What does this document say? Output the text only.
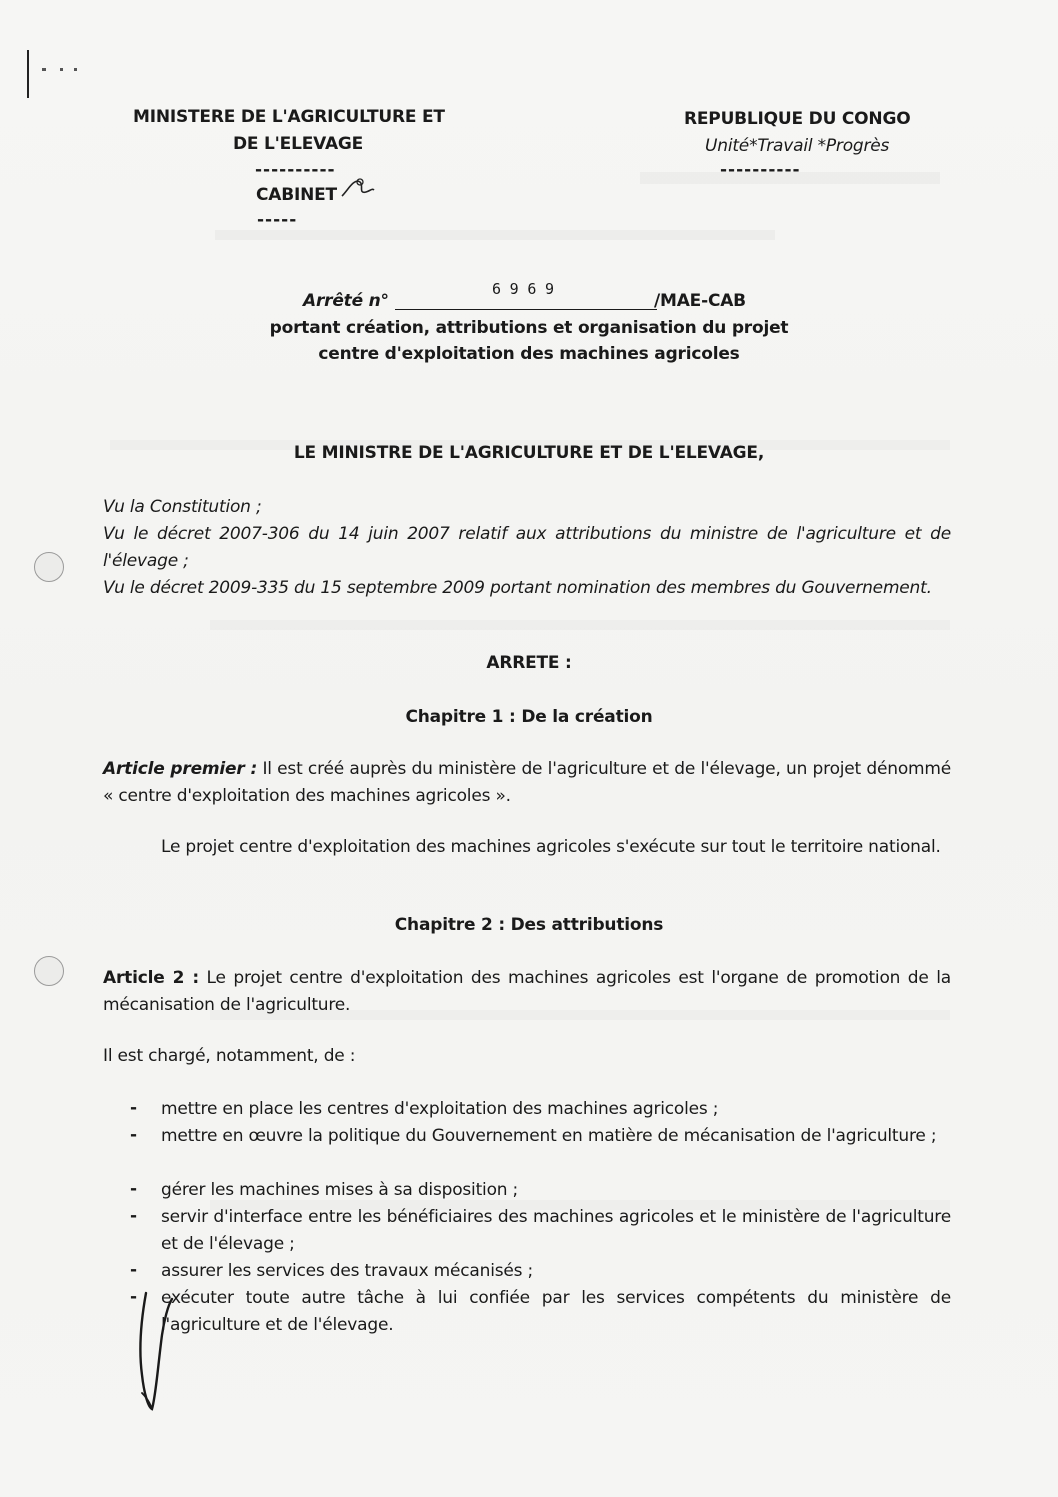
MINISTERE DE L'AGRICULTURE ET
DE L'ELEVAGE
----------
CABINET
-----
REPUBLIQUE DU CONGO
Unité*Travail *Progrès
----------
Arrêté n°
6 9 6 9
/MAE-CAB
portant création, attributions et organisation du projet
centre d'exploitation des machines agricoles
LE MINISTRE DE L'AGRICULTURE ET DE L'ELEVAGE,
Vu la Constitution ;
Vu le décret 2007-306 du 14 juin 2007 relatif aux attributions du ministre de l'agriculture et de l'élevage ;
Vu le décret 2009-335 du 15 septembre 2009 portant nomination des membres du Gouvernement.
ARRETE :
Chapitre 1 : De la création
Article premier : Il est créé auprès du ministère de l'agriculture et de l'élevage, un projet dénommé « centre d'exploitation des machines agricoles ».
Le projet centre d'exploitation des machines agricoles s'exécute sur tout le territoire national.
Chapitre 2 : Des attributions
Article 2 : Le projet centre d'exploitation des machines agricoles est l'organe de promotion de la mécanisation de l'agriculture.
Il est chargé, notamment, de :
- mettre en place les centres d'exploitation des machines agricoles ;
- mettre en œuvre la politique du Gouvernement en matière de mécanisation de l'agriculture ;
- gérer les machines mises à sa disposition ;
- servir d'interface entre les bénéficiaires des machines agricoles et le ministère de l'agriculture et de l'élevage ;
- assurer les services des travaux mécanisés ;
- exécuter toute autre tâche à lui confiée par les services compétents du ministère de l'agriculture et de l'élevage.
